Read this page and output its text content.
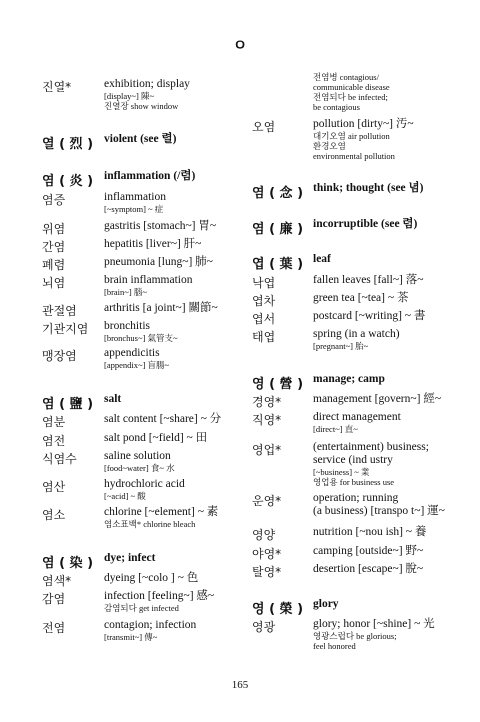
ㅇ
진열*	exhibition; display
[display~] 陳~
진열장 show window
열 ( 烈 ) violent (see 렬)
염 ( 炎 ) inflammation (/렴)
염증	inflammation
[~symptom] ~ 症
위염	gastritis [stomach~] 胃~
간염	hepatitis [liver~] 肝~
폐렴	pneumonia [lung~] 肺~
뇌염	brain inflammation
[brain~] 腦~
관절염 arthritis [a joint~] 關節~
기관지염 bronchitis
[bronchus~] 氣管支~
맹장염 appendicitis
[appendix~] 盲腸~
염 ( 鹽 ) salt
염분	salt content [~share] ~ 分
염전	salt pond [~field] ~ 田
식염수 saline solution
[food~water] 食~ 水
염산	hydrochloric acid
[~acid] ~ 酸
염소	chlorine [~element] ~ 素
염소표백* chlorine bleach
염 ( 染 ) dye; infect
염색*	dyeing [~colo ] ~ 色
감염	infection [feeling~] 感~
감염되다 get infected
전염	contagion; infection
[transmit~] 傳~
전염병 contagious/
communicable disease
전염되다 be infected;
be contagious
오염	pollution [dirty~] 汚~
대기오염 air pollution
환경오염
environmental pollution
염 ( 念 ) think; thought (see 념)
염 ( 廉 ) incorruptible (see 렴)
엽 ( 葉 ) leaf
낙엽	fallen leaves [fall~] 落~
엽차	green tea [~tea] ~ 茶
엽서	postcard [~writing] ~ 書
태엽	spring (in a watch)
[pregnant~] 胎~
영 ( 營 ) manage; camp
경영*	management [govern~] 經~
직영*	direct management
[direct~] 直~
영업*	(entertainment) business;
service (ind ustry
[~business] ~ 業
영업용 for business use
운영*	operation; running
(a business) [transpo t~] 運~
영양	nutrition [~nou ish] ~ 養
야영*	camping [outside~] 野~
탈영*	desertion [escape~] 脫~
영 ( 榮 ) glory
영광	glory; honor [~shine] ~ 光
영광스럽다 be glorious;
feel honored
165
